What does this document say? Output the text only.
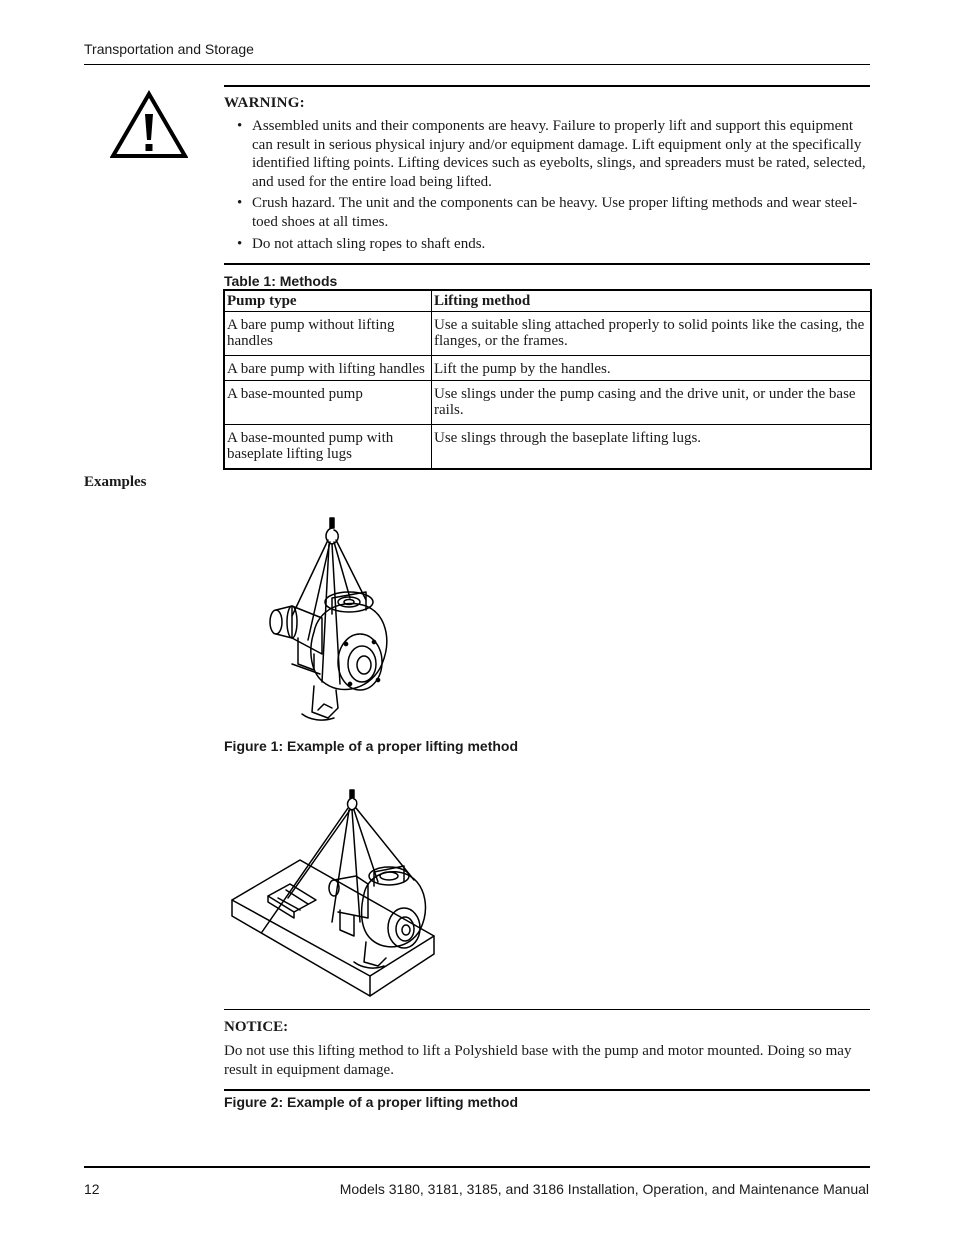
Transportation and Storage
WARNING:
• Assembled units and their components are heavy. Failure to properly lift and support this equipment can result in serious physical injury and/or equipment damage. Lift equipment only at the specifically identified lifting points. Lifting devices such as eyebolts, slings, and spreaders must be rated, selected, and used for the entire load being lifted.
• Crush hazard. The unit and the components can be heavy. Use proper lifting methods and wear steel-toed shoes at all times.
• Do not attach sling ropes to shaft ends.
Table 1: Methods
Pump type	Lifting method
A bare pump without lifting handles	Use a suitable sling attached properly to solid points like the casing, the flanges, or the frames.
A bare pump with lifting handles	Lift the pump by the handles.
A base-mounted pump	Use slings under the pump casing and the drive unit, or under the base rails.
A base-mounted pump with baseplate lifting lugs	Use slings through the baseplate lifting lugs.
Examples
Figure 1: Example of a proper lifting method
NOTICE:
Do not use this lifting method to lift a Polyshield base with the pump and motor mounted. Doing so may result in equipment damage.
Figure 2: Example of a proper lifting method
12	Models 3180, 3181, 3185, and 3186 Installation, Operation, and Maintenance Manual
